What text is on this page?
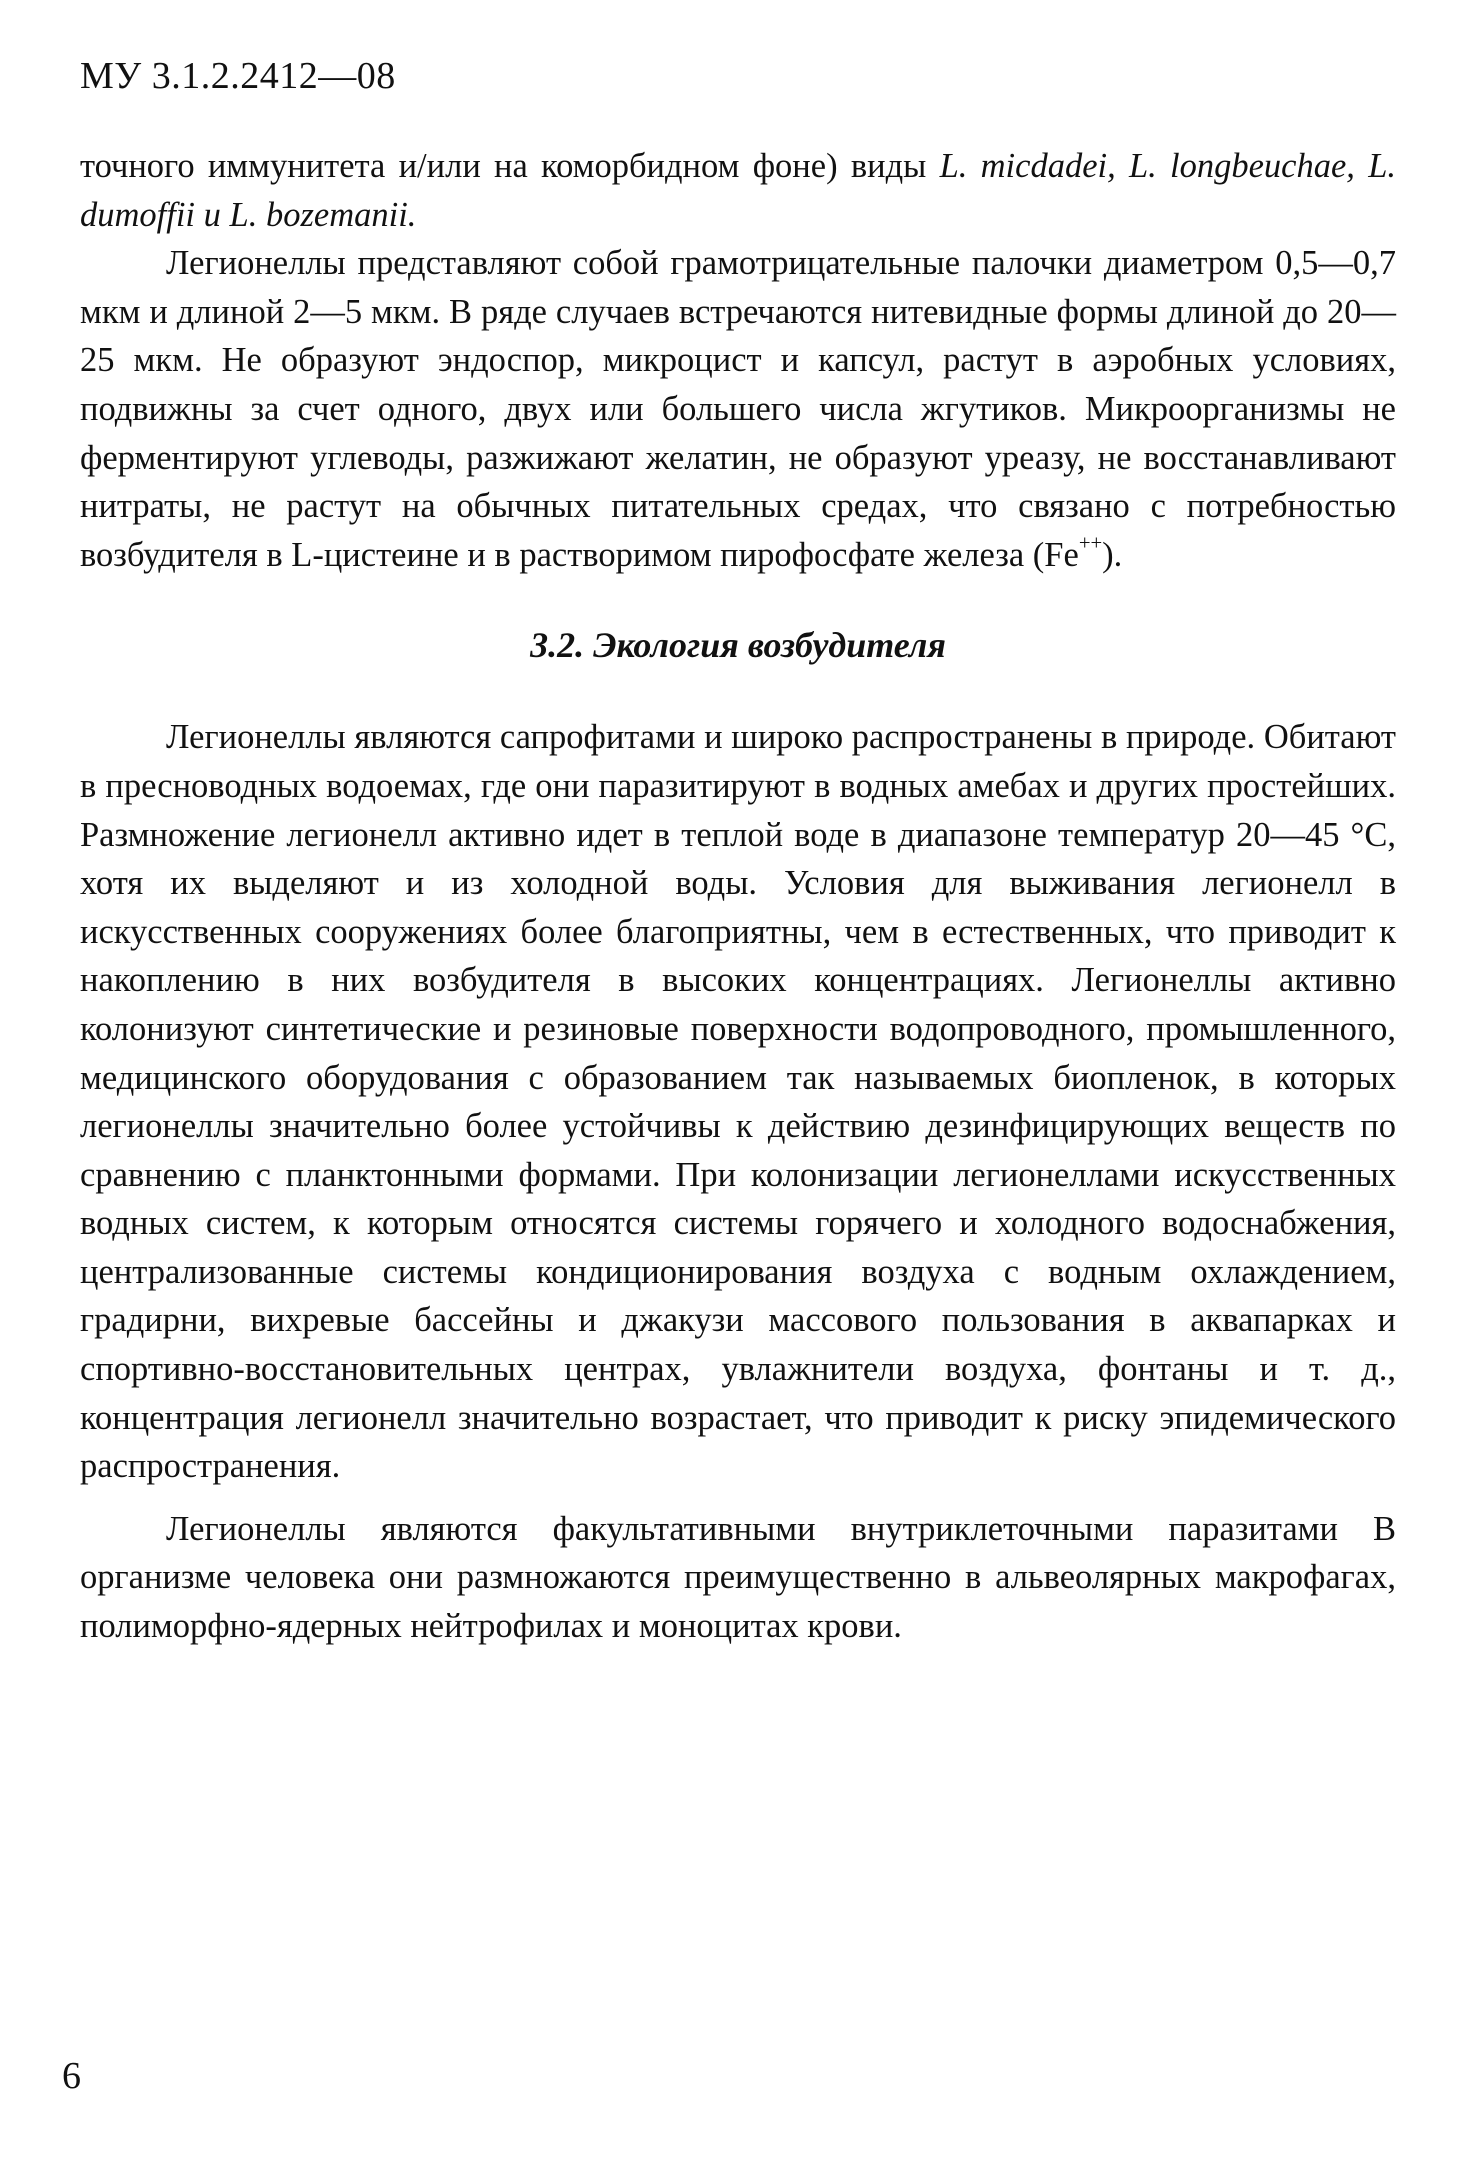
МУ 3.1.2.2412—08

точного иммунитета и/или на коморбидном фоне) виды L. micdadei, L. longbeuchae, L. dumoffii и L. bozemanii.

Легионеллы представляют собой грамотрицательные палочки диаметром 0,5—0,7 мкм и длиной 2—5 мкм. В ряде случаев встречаются нитевидные формы длиной до 20—25 мкм. Не образуют эндоспор, микроцист и капсул, растут в аэробных условиях, подвижны за счет одного, двух или большего числа жгутиков. Микроорганизмы не ферментируют углеводы, разжижают желатин, не образуют уреазу, не восстанавливают нитраты, не растут на обычных питательных средах, что связано с потребностью возбудителя в L-цистеине и в растворимом пирофосфате железа (Fe++).

3.2. Экология возбудителя

Легионеллы являются сапрофитами и широко распространены в природе. Обитают в пресноводных водоемах, где они паразитируют в водных амебах и других простейших. Размножение легионелл активно идет в теплой воде в диапазоне температур 20—45 °С, хотя их выделяют и из холодной воды. Условия для выживания легионелл в искусственных сооружениях более благоприятны, чем в естественных, что приводит к накоплению в них возбудителя в высоких концентрациях. Легионеллы активно колонизуют синтетические и резиновые поверхности водопроводного, промышленного, медицинского оборудования с образованием так называемых биопленок, в которых легионеллы значительно более устойчивы к действию дезинфицирующих веществ по сравнению с планктонными формами. При колонизации легионеллами искусственных водных систем, к которым относятся системы горячего и холодного водоснабжения, централизованные системы кондиционирования воздуха с водным охлаждением, градирни, вихревые бассейны и джакузи массового пользования в аквапарках и спортивно-восстановительных центрах, увлажнители воздуха, фонтаны и т. д., концентрация легионелл значительно возрастает, что приводит к риску эпидемического распространения.

Легионеллы являются факультативными внутриклеточными паразитами В организме человека они размножаются преимущественно в альвеолярных макрофагах, полиморфно-ядерных нейтрофилах и моноцитах крови.

6
